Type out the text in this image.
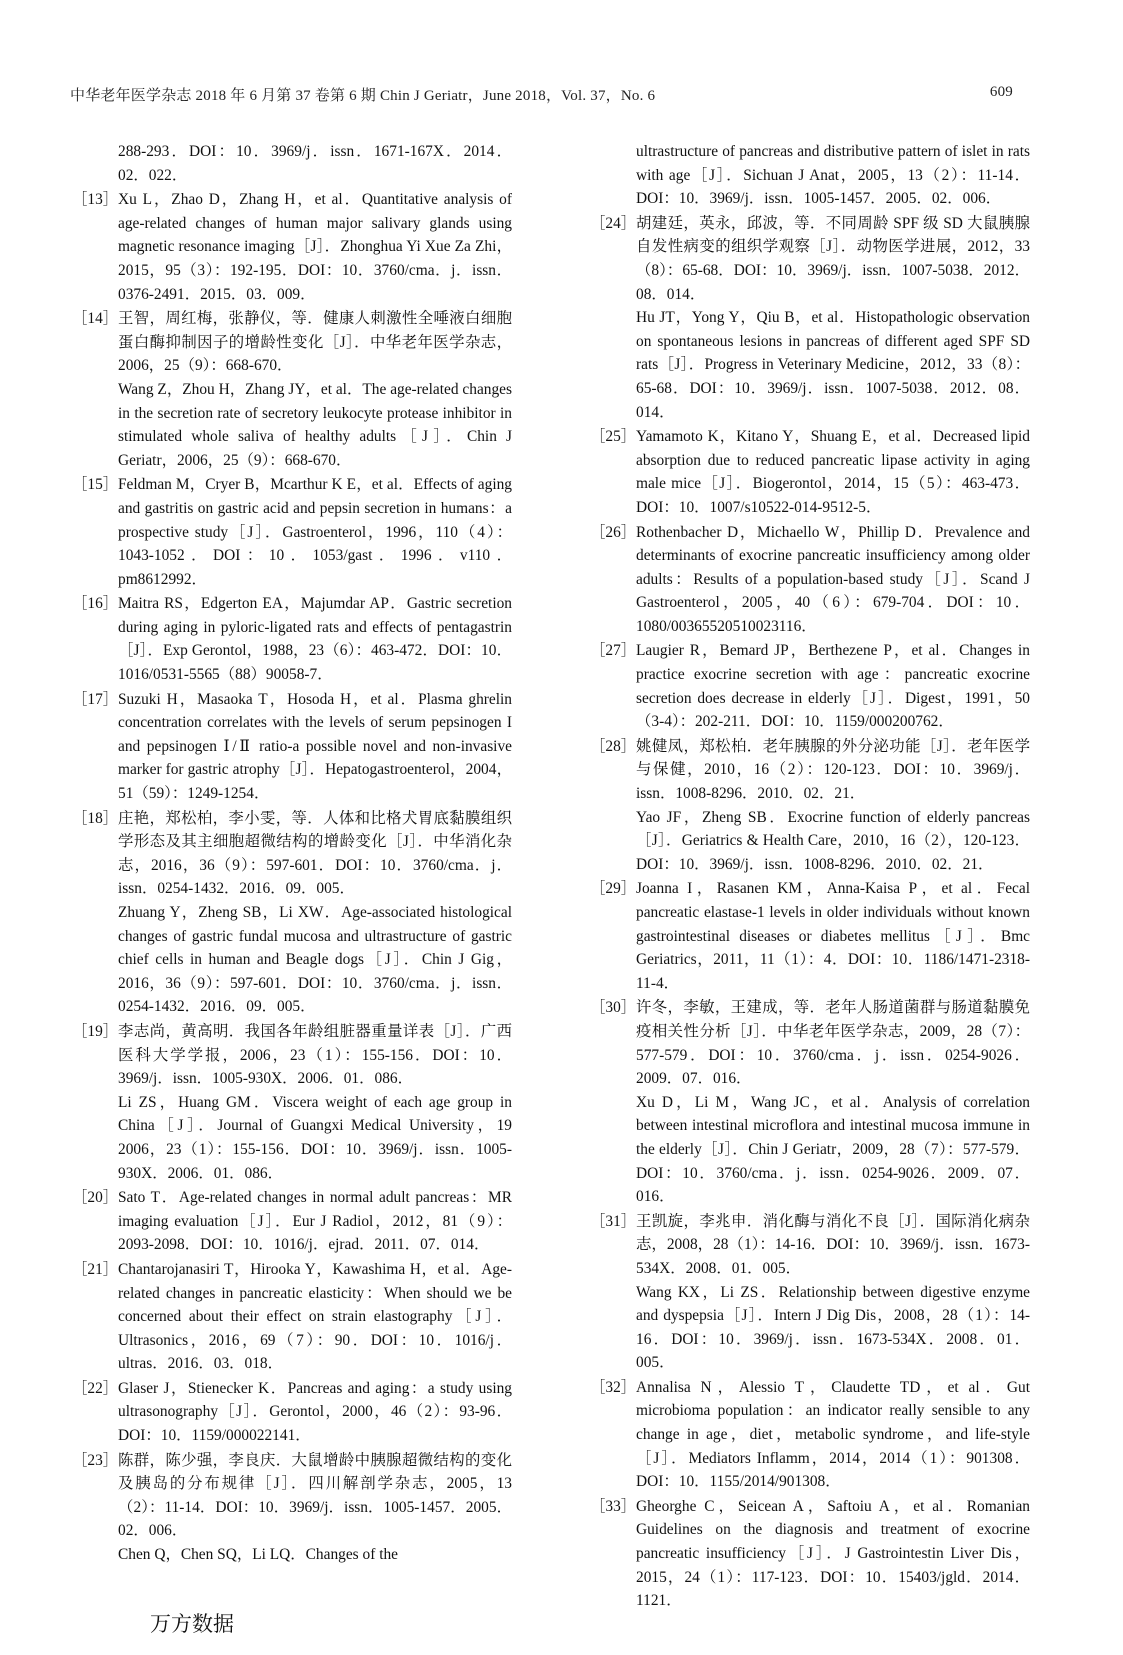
中华老年医学杂志 2018 年 6 月第 37 卷第 6 期 Chin J Geriatr，June 2018，Vol. 37，No. 6	609
288-293．DOI：10．3969/j．issn．1671-167X．2014．02．022．
［13］ Xu L，Zhao D，Zhang H，et al．Quantitative analysis of age-related changes of human major salivary glands using magnetic resonance imaging［J］．Zhonghua Yi Xue Za Zhi，2015，95（3）：192-195．DOI：10．3760/cma．j．issn．0376-2491．2015．03．009．
［14］ 王智，周红梅，张静仪，等．健康人刺激性全唾液白细胞蛋白酶抑制因子的增龄性变化［J］．中华老年医学杂志，2006，25（9）：668-670．
Wang Z，Zhou H，Zhang JY，et al．The age-related changes in the secretion rate of secretory leukocyte protease inhibitor in stimulated whole saliva of healthy adults［J］．Chin J Geriatr，2006，25（9）：668-670．
［15］ Feldman M，Cryer B，Mcarthur K E，et al．Effects of aging and gastritis on gastric acid and pepsin secretion in humans：a prospective study［J］．Gastroenterol，1996，110（4）：1043-1052．DOI：10．1053/gast．1996．v110．pm8612992．
［16］ Maitra RS，Edgerton EA，Majumdar AP．Gastric secretion during aging in pyloric-ligated rats and effects of pentagastrin［J］．Exp Gerontol，1988，23（6）：463-472．DOI：10．1016/0531-5565（88）90058-7．
［17］ Suzuki H，Masaoka T，Hosoda H，et al．Plasma ghrelin concentration correlates with the levels of serum pepsinogen I and pepsinogen Ⅰ/Ⅱ ratio-a possible novel and non-invasive marker for gastric atrophy［J］．Hepatogastroenterol，2004，51（59）：1249-1254．
［18］ 庄艳，郑松柏，李小雯，等．人体和比格犬胃底黏膜组织学形态及其主细胞超微结构的增龄变化［J］．中华消化杂志，2016，36（9）：597-601．DOI：10．3760/cma．j．issn．0254-1432．2016．09．005．
Zhuang Y，Zheng SB，Li XW．Age-associated histological changes of gastric fundal mucosa and ultrastructure of gastric chief cells in human and Beagle dogs［J］．Chin J Gig，2016，36（9）：597-601．DOI：10．3760/cma．j．issn．0254-1432．2016．09．005．
［19］ 李志尚，黄高明．我国各年龄组脏器重量详表［J］．广西医科大学学报，2006，23（1）：155-156．DOI：10．3969/j．issn．1005-930X．2006．01．086．
Li ZS，Huang GM．Viscera weight of each age group in China［J］．Journal of Guangxi Medical University，19 2006，23（1）：155-156．DOI：10．3969/j．issn．1005-930X．2006．01．086．
［20］ Sato T．Age-related changes in normal adult pancreas：MR imaging evaluation［J］．Eur J Radiol，2012，81（9）：2093-2098．DOI：10．1016/j．ejrad．2011．07．014．
［21］ Chantarojanasiri T，Hirooka Y，Kawashima H，et al．Age-related changes in pancreatic elasticity：When should we be concerned about their effect on strain elastography［J］．Ultrasonics，2016，69（7）：90．DOI：10．1016/j．ultras．2016．03．018．
［22］ Glaser J，Stienecker K．Pancreas and aging：a study using ultrasonography［J］．Gerontol，2000，46（2）：93-96．DOI：10．1159/000022141．
［23］ 陈群，陈少强，李良庆．大鼠增龄中胰腺超微结构的变化及胰岛的分布规律［J］．四川解剖学杂志，2005，13（2）：11-14．DOI：10．3969/j．issn．1005-1457．2005．02．006．
Chen Q，Chen SQ，Li LQ．Changes of the
ultrastructure of pancreas and distributive pattern of islet in rats with age［J］．Sichuan J Anat，2005，13（2）：11-14．DOI：10．3969/j．issn．1005-1457．2005．02．006．
［24］ 胡建廷，英永，邱波，等．不同周龄 SPF 级 SD 大鼠胰腺自发性病变的组织学观察［J］．动物医学进展，2012，33（8）：65-68．DOI：10．3969/j．issn．1007-5038．2012．08．014．
Hu JT，Yong Y，Qiu B，et al．Histopathologic observation on spontaneous lesions in pancreas of different aged SPF SD rats［J］．Progress in Veterinary Medicine，2012，33（8）：65-68．DOI：10．3969/j．issn．1007-5038．2012．08．014．
［25］ Yamamoto K，Kitano Y，Shuang E，et al．Decreased lipid absorption due to reduced pancreatic lipase activity in aging male mice［J］．Biogerontol，2014，15（5）：463-473．DOI：10．1007/s10522-014-9512-5．
［26］ Rothenbacher D，Michaello W，Phillip D．Prevalence and determinants of exocrine pancreatic insufficiency among older adults：Results of a population-based study［J］．Scand J Gastroenterol，2005，40（6）：679-704．DOI：10．1080/00365520510023116．
［27］ Laugier R，Bemard JP，Berthezene P，et al．Changes in practice exocrine secretion with age：pancreatic exocrine secretion does decrease in elderly［J］．Digest，1991，50（3-4）：202-211．DOI：10．1159/000200762．
［28］ 姚健凤，郑松柏．老年胰腺的外分泌功能［J］．老年医学与保健，2010，16（2）：120-123．DOI：10．3969/j．issn．1008-8296．2010．02．21．
Yao JF，Zheng SB．Exocrine function of elderly pancreas［J］．Geriatrics & Health Care，2010，16（2），120-123．DOI：10．3969/j．issn．1008-8296．2010．02．21．
［29］ Joanna I，Rasanen KM，Anna-Kaisa P，et al．Fecal pancreatic elastase-1 levels in older individuals without known gastrointestinal diseases or diabetes mellitus［J］．Bmc Geriatrics，2011，11（1）：4．DOI：10．1186/1471-2318-11-4．
［30］ 许冬，李敏，王建成，等．老年人肠道菌群与肠道黏膜免疫相关性分析［J］．中华老年医学杂志，2009，28（7）：577-579．DOI：10．3760/cma．j．issn．0254-9026．2009．07．016．
Xu D，Li M，Wang JC，et al．Analysis of correlation between intestinal microflora and intestinal mucosa immune in the elderly［J］．Chin J Geriatr，2009，28（7）：577-579．DOI：10．3760/cma．j．issn．0254-9026．2009．07．016．
［31］ 王凯旋，李兆申．消化酶与消化不良［J］．国际消化病杂志，2008，28（1）：14-16．DOI：10．3969/j．issn．1673-534X．2008．01．005．
Wang KX，Li ZS．Relationship between digestive enzyme and dyspepsia［J］．Intern J Dig Dis，2008，28（1）：14-16．DOI：10．3969/j．issn．1673-534X．2008．01．005．
［32］ Annalisa N，Alessio T，Claudette TD，et al．Gut microbioma population：an indicator really sensible to any change in age，diet，metabolic syndrome，and life-style［J］．Mediators Inflamm，2014，2014（1）：901308．DOI：10．1155/2014/901308．
［33］ Gheorghe C，Seicean A，Saftoiu A，et al．Romanian Guidelines on the diagnosis and treatment of exocrine pancreatic insufficiency［J］．J Gastrointestin Liver Dis，2015，24（1）：117-123．DOI：10．15403/jgld．2014．1121．
万方数据
